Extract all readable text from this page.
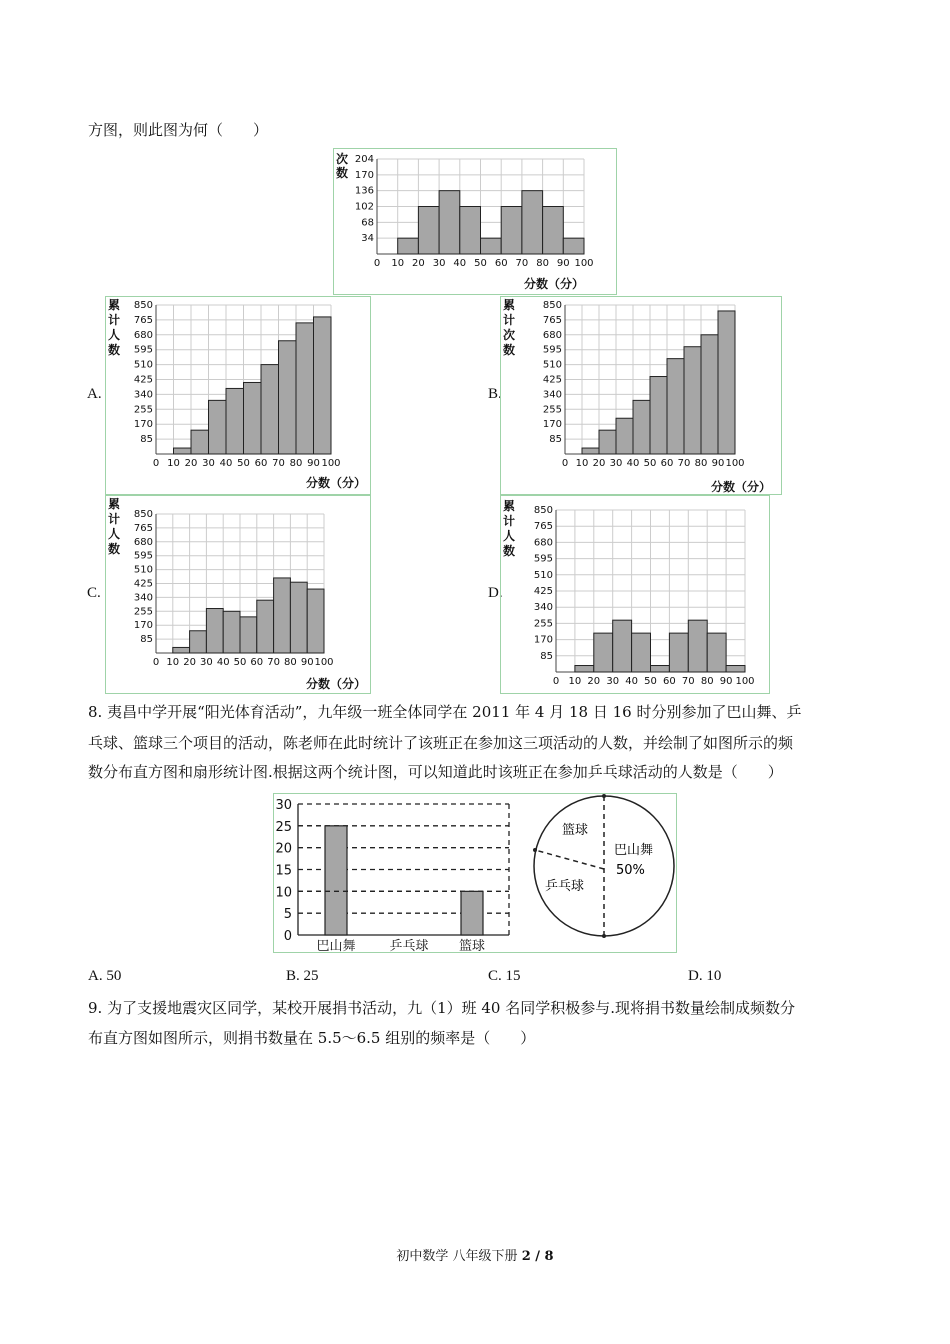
方图，则此图为何（　　）
34
68
102
136
170
204
0 10 20 30 40 50 60 70 80 90 100
次
数
分数（分）
A.	B.
C.	D.
85
170
255
340
425
510
595
680
765
850
0 10 20 30 40 50 60 70 80 90 100
累
计
人
数
分数（分）
85
170
255
340
425
510
595
680
765
850
0 10 20 30 40 50 60 70 80 90 100
累
计
次
数
分数（分）
85
170
255
340
425
510
595
680
765
850
0 10 20 30 40 50 60 70 80 90 100
累
计
人
数
分数（分）
85
170
255
340
425
510
595
680
765
850
0 10 20 30 40 50 60 70 80 90 100
累
计
人
数
8. 夷昌中学开展“阳光体育活动”，九年级一班全体同学在 2011 年 4 月 18 日 16 时分别参加了巴山舞、乒
乓球、篮球三个项目的活动，陈老师在此时统计了该班正在参加这三项活动的人数，并绘制了如图所示的频
数分布直方图和扇形统计图.根据这两个统计图，可以知道此时该班正在参加乒乓球活动的人数是（　　）
0
5
10
15
20
25
30
巴山舞	乒乓球 篮球
篮球
乒乓球
巴山舞
50%
A. 50	B. 25	C. 15	D. 10
9. 为了支援地震灾区同学，某校开展捐书活动，九（1）班 40 名同学积极参与.现将捐书数量绘制成频数分
布直方图如图所示，则捐书数量在 5.5～6.5 组别的频率是（　　）
初中数学 八年级下册 2 / 8
